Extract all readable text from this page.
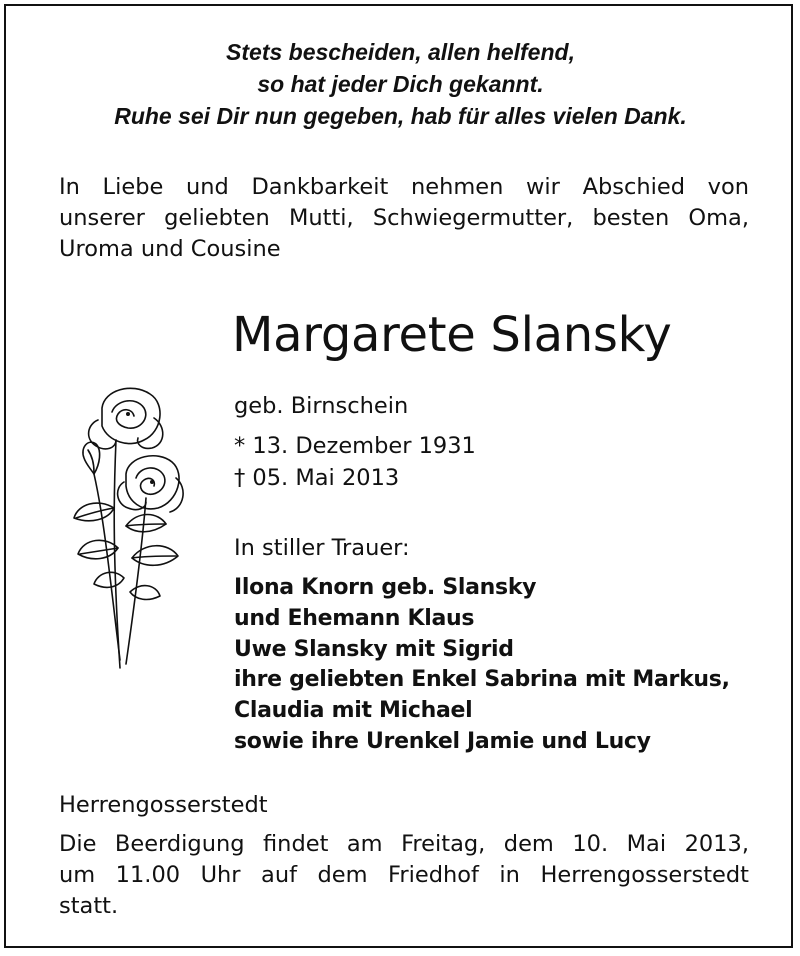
Stets bescheiden, allen helfend,
so hat jeder Dich gekannt.
Ruhe sei Dir nun gegeben, hab für alles vielen Dank.
In Liebe und Dankbarkeit nehmen wir Abschied von
unserer geliebten Mutti, Schwiegermutter, besten Oma,
Uroma und Cousine
Margarete Slansky
geb. Birnschein
* 13. Dezember 1931
† 05. Mai 2013
In stiller Trauer:
Ilona Knorn geb. Slansky
und Ehemann Klaus
Uwe Slansky mit Sigrid
ihre geliebten Enkel Sabrina mit Markus,
Claudia mit Michael
sowie ihre Urenkel Jamie und Lucy
Herrengosserstedt
Die Beerdigung findet am Freitag, dem 10. Mai 2013,
um 11.00 Uhr auf dem Friedhof in Herrengosserstedt
statt.
